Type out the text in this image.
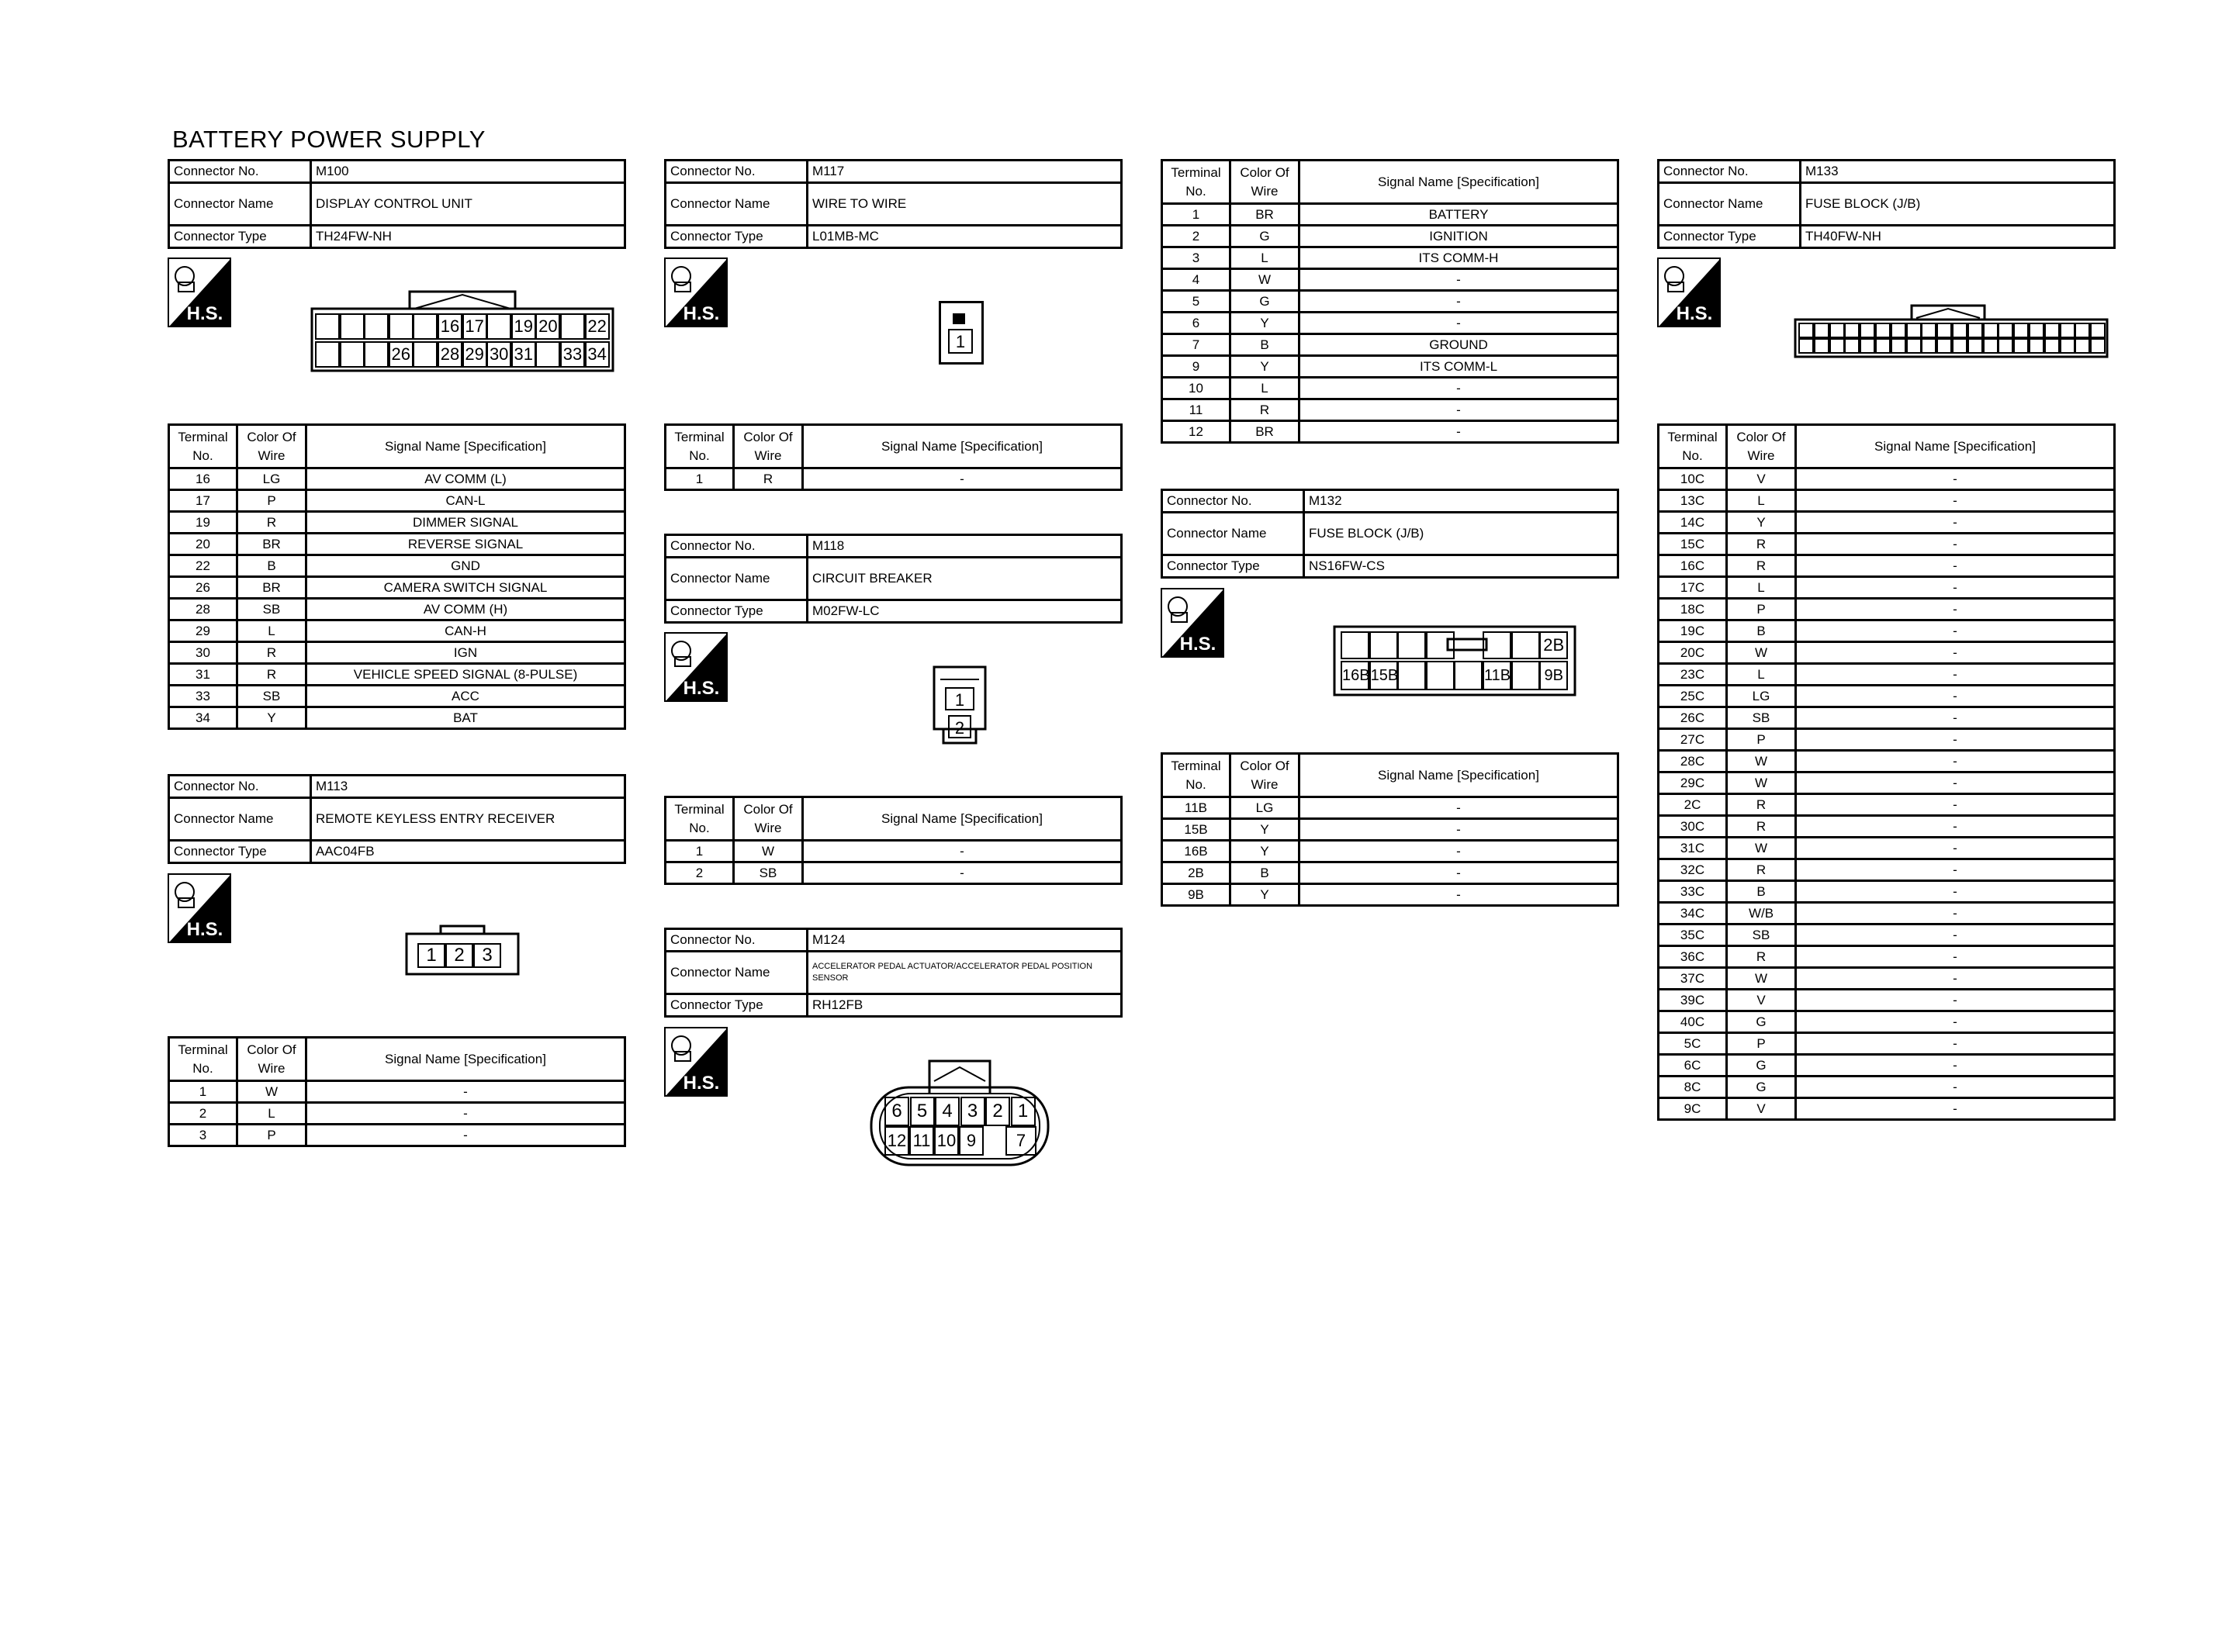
BATTERY POWER SUPPLY
Connector No.	M100
Connector Name	DISPLAY CONTROL UNIT
Connector Type	TH24FW-NH
H.S.
26
16
28
17
29 30
19
31
20
33
22
34
Terminal No.	Color Of Wire	Signal Name [Specification]
16	LG	AV COMM (L)
17	P	CAN-L
19	R	DIMMER SIGNAL
20	BR	REVERSE SIGNAL
22	B	GND
26	BR	CAMERA SWITCH SIGNAL
28	SB	AV COMM (H)
29	L	CAN-H
30	R	IGN
31	R	VEHICLE SPEED SIGNAL (8-PULSE)
33	SB	ACC
34	Y	BAT
Connector No.	M113
Connector Name	REMOTE KEYLESS ENTRY RECEIVER
Connector Type	AAC04FB
H.S.
1 2 3
Terminal No.	Color Of Wire	Signal Name [Specification]
1	W	-
2	L	-
3	P	-
Connector No.	M117
Connector Name	WIRE TO WIRE
Connector Type	L01MB-MC
H.S.
1
Terminal No.	Color Of Wire	Signal Name [Specification]
1	R	-
Connector No.	M118
Connector Name	CIRCUIT BREAKER
Connector Type	M02FW-LC
H.S.
1
2
Terminal No.	Color Of Wire	Signal Name [Specification]
1	W	-
2	SB	-
Connector No.	M124
Connector Name	ACCELERATOR PEDAL ACTUATOR/ACCELERATOR PEDAL POSITION SENSOR
Connector Type	RH12FB
H.S.
6 5 4 3 2 1
12 11 10 9	7
Terminal No.	Color Of Wire	Signal Name [Specification]
1	BR	BATTERY
2	G	IGNITION
3	L	ITS COMM-H
4	W	-
5	G	-
6	Y	-
7	B	GROUND
9	Y	ITS COMM-L
10	L	-
11	R	-
12	BR	-
Connector No.	M132
Connector Name	FUSE BLOCK (J/B)
Connector Type	NS16FW-CS
H.S.
16B 15B	11B
2B
9B
Terminal No.	Color Of Wire	Signal Name [Specification]
11B	LG	-
15B	Y	-
16B	Y	-
2B	B	-
9B	Y	-
Connector No.	M133
Connector Name	FUSE BLOCK (J/B)
Connector Type	TH40FW-NH
H.S.
Terminal No.	Color Of Wire	Signal Name [Specification]
10C	V	-
13C	L	-
14C	Y	-
15C	R	-
16C	R	-
17C	L	-
18C	P	-
19C	B	-
20C	W	-
23C	L	-
25C	LG	-
26C	SB	-
27C	P	-
28C	W	-
29C	W	-
2C	R	-
30C	R	-
31C	W	-
32C	R	-
33C	B	-
34C	W/B	-
35C	SB	-
36C	R	-
37C	W	-
39C	V	-
40C	G	-
5C	P	-
6C	G	-
8C	G	-
9C	V	-
